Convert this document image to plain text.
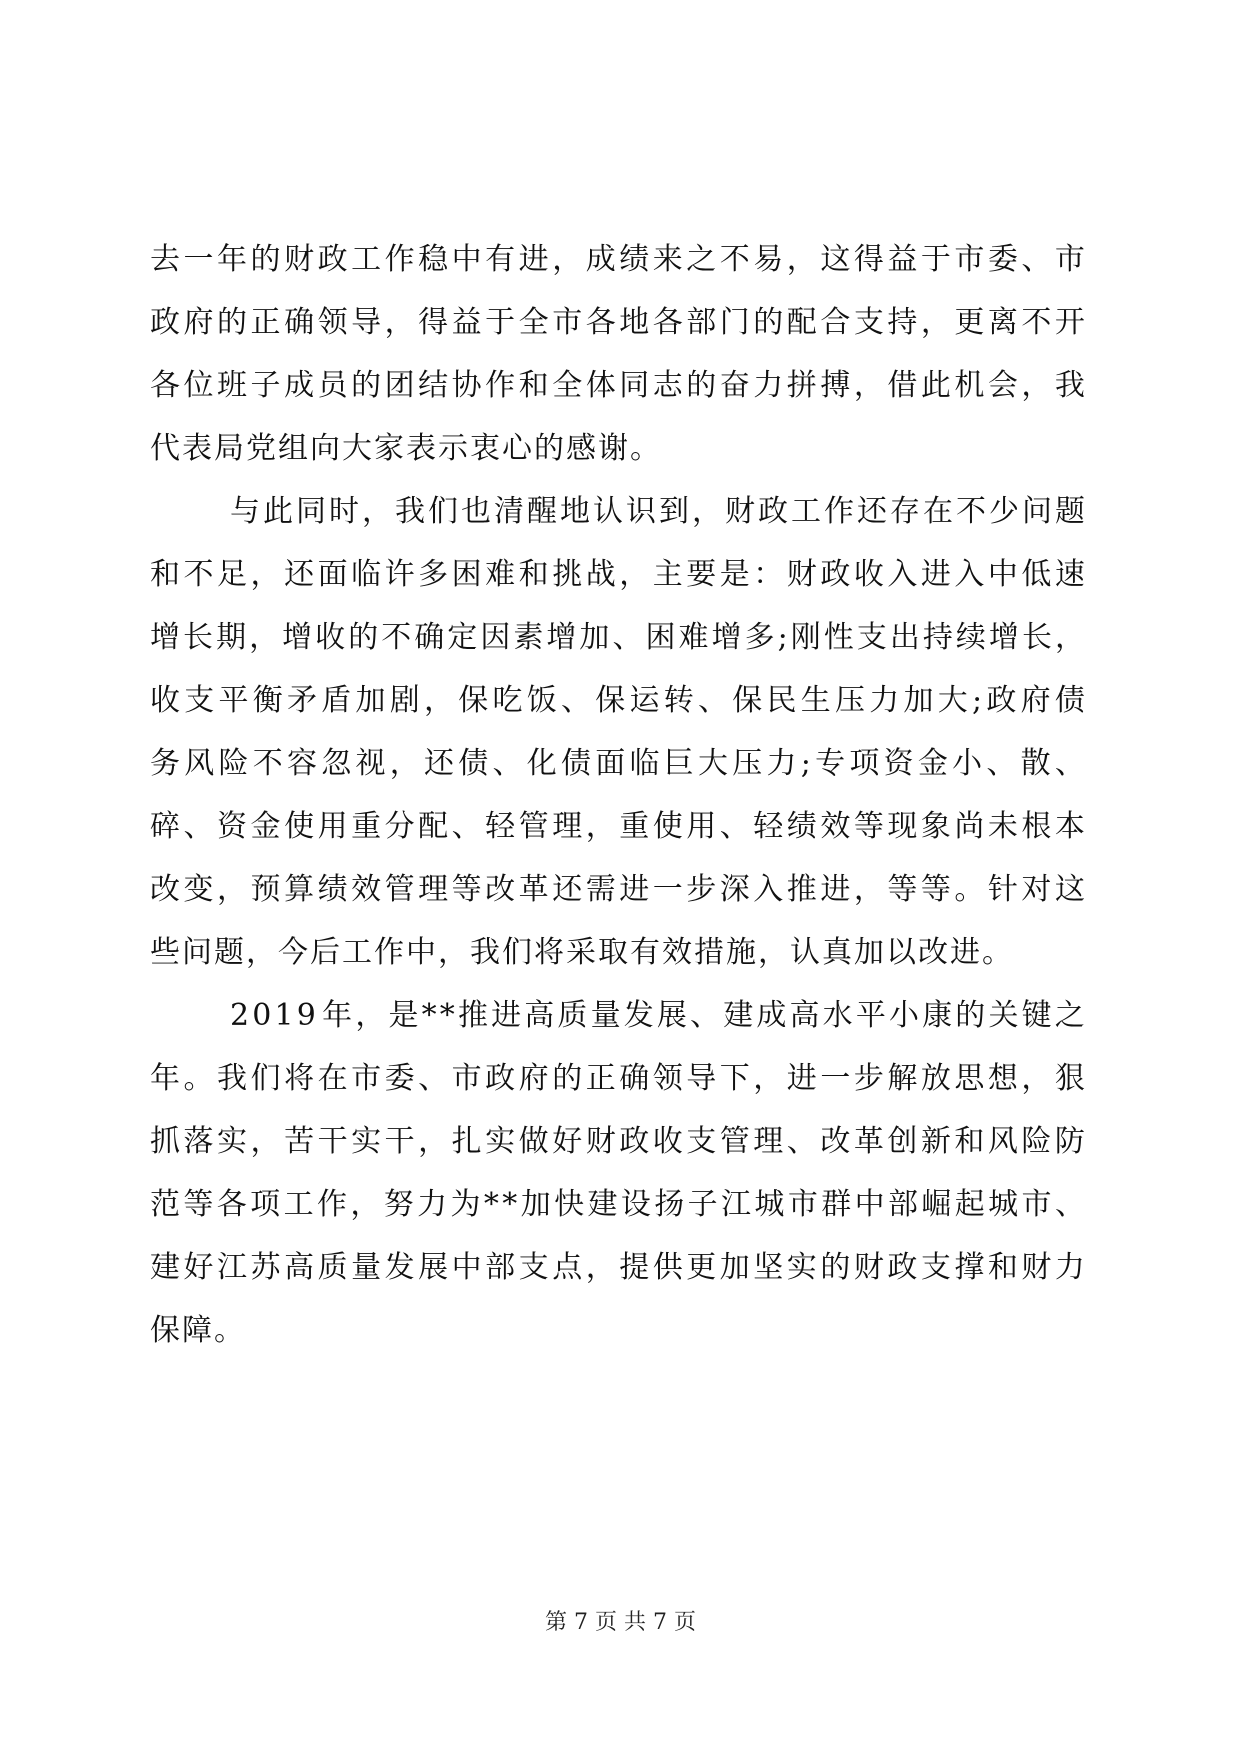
去 一 年 的 财 政 工 作 稳 中 有 进 ， 成 绩 来 之 不 易 ， 这 得 益 于 市 委 、 市
政 府 的 正 确 领 导 ， 得 益 于 全 市 各 地 各 部 门 的 配 合 支 持 ， 更 离 不 开
各 位 班 子 成 员 的 团 结 协 作 和 全 体 同 志 的 奋 力 拼 搏 ， 借 此 机 会 ， 我
代表局党组向大家表示衷心的感谢。
与 此 同 时 ， 我 们 也 清 醒 地 认 识 到 ， 财 政 工 作 还 存 在 不 少 问 题
和 不 足 ， 还 面 临 许 多 困 难 和 挑 战 ， 主 要 是 ： 财 政 收 入 进 入 中 低 速
增 长 期 ， 增 收 的 不 确 定 因 素 增 加 、 困 难 增 多 ; 刚 性 支 出 持 续 增 长 ，
收 支 平 衡 矛 盾 加 剧 ， 保 吃 饭 、 保 运 转 、 保 民 生 压 力 加 大 ; 政 府 债
务 风 险 不 容 忽 视 ， 还 债 、 化 债 面 临 巨 大 压 力 ; 专 项 资 金 小 、 散 、
碎 、 资 金 使 用 重 分 配 、 轻 管 理 ， 重 使 用 、 轻 绩 效 等 现 象 尚 未 根 本
改 变 ， 预 算 绩 效 管 理 等 改 革 还 需 进 一 步 深 入 推 进 ， 等 等 。 针 对 这
些问题，今后工作中，我们将采取有效措施，认真加以改进。
2 0 1 9 年 ， 是 * * 推 进 高 质 量 发 展 、 建 成 高 水 平 小 康 的 关 键 之
年 。 我 们 将 在 市 委 、 市 政 府 的 正 确 领 导 下 ， 进 一 步 解 放 思 想 ， 狠
抓 落 实 ， 苦 干 实 干 ， 扎 实 做 好 财 政 收 支 管 理 、 改 革 创 新 和 风 险 防
范 等 各 项 工 作 ， 努 力 为 * * 加 快 建 设 扬 子 江 城 市 群 中 部 崛 起 城 市 、
建 好 江 苏 高 质 量 发 展 中 部 支 点 ， 提 供 更 加 坚 实 的 财 政 支 撑 和 财 力
保障。
第 7 页 共 7 页
